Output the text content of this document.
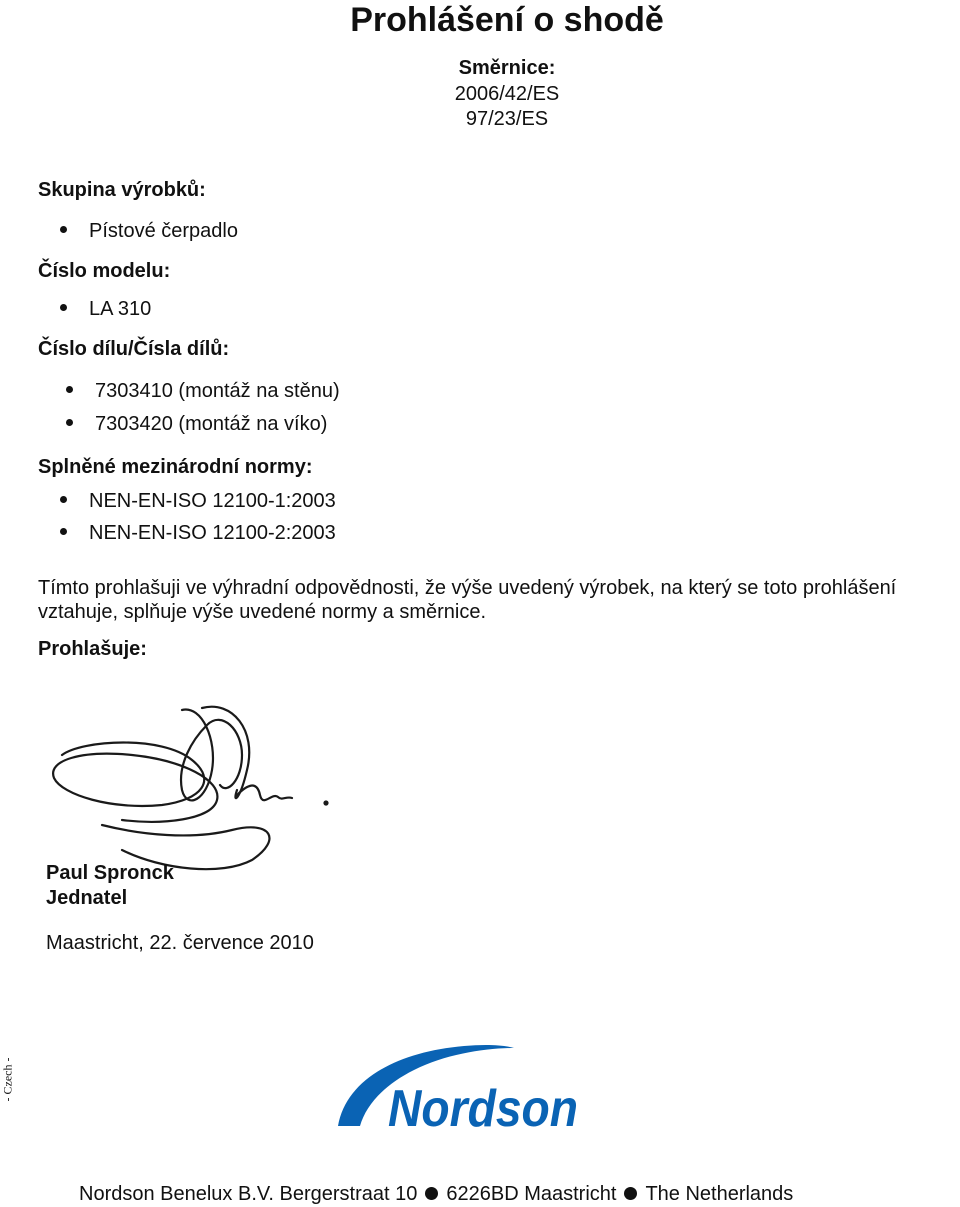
Prohlášení o shodě
Směrnice:
2006/42/ES
97/23/ES
Skupina výrobků:
Pístové čerpadlo
Číslo modelu:
LA 310
Číslo dílu/Čísla dílů:
7303410 (montáž na stěnu)
7303420 (montáž na víko)
Splněné mezinárodní normy:
NEN-EN-ISO 12100-1:2003
NEN-EN-ISO 12100-2:2003
Tímto prohlašuji ve výhradní odpovědnosti, že výše uvedený výrobek, na který se toto prohlášení vztahuje, splňuje výše uvedené normy a směrnice.
Prohlašuje:
Paul Spronck
Jednatel
Maastricht, 22. července 2010
- Czech -
Nordson
Nordson Benelux B.V. Bergerstraat 10 6226BD Maastricht The Netherlands
